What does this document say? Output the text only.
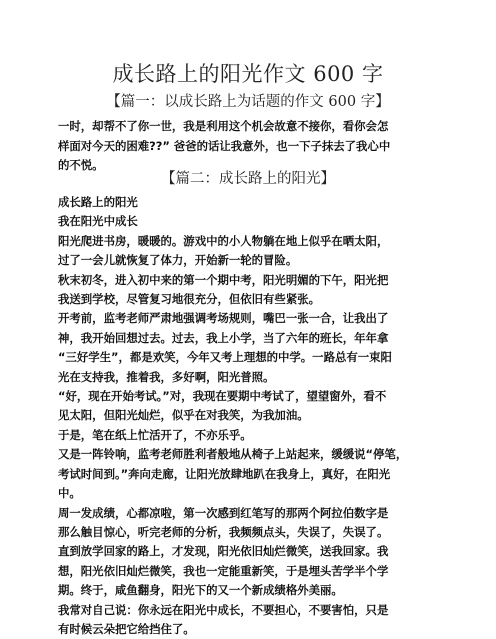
成长路上的阳光作文 600 字
【篇一：以成长路上为话题的作文 600 字】

一时，却帮不了你一世，我是利用这个机会故意不接你，看你会怎
样面对今天的困难??” 爸爸的话让我意外，也一下子抹去了我心中
的不悦。

【篇二：成长路上的阳光】

成长路上的阳光

我在阳光中成长

阳光爬进书房，暖暖的。游戏中的小人物躺在地上似乎在晒太阳，
过了一会儿就恢复了体力，开始新一轮的冒险。

秋末初冬，进入初中来的第一个期中考，阳光明媚的下午，阳光把
我送到学校，尽管复习地很充分，但依旧有些紧张。

开考前，监考老师严肃地强调考场规则，嘴巴一张一合，让我出了
神，我开始回想过去。过去，我上小学，当了六年的班长，年年拿
“三好学生”，都是欢笑，今年又考上理想的中学。一路总有一束阳
光在支持我，推着我，多好啊，阳光普照。

“好，现在开始考试。”对，我现在要期中考试了，望望窗外，看不
见太阳，但阳光灿烂，似乎在对我笑，为我加油。

于是，笔在纸上忙活开了，不亦乐乎。

又是一阵铃响，监考老师胜利者般地从椅子上站起来，缓缓说“停笔，
考试时间到。”奔向走廊，让阳光放肆地趴在我身上，真好，在阳光
中。

周一发成绩，心都凉啦，第一次感到红笔写的那两个阿拉伯数字是
那么触目惊心，听完老师的分析，我频频点头，失误了，失误了。
直到放学回家的路上，才发现，阳光依旧灿烂微笑，送我回家。我
想，阳光依旧灿烂微笑，我也一定能重新笑，于是埋头苦学半个学
期。终于，咸鱼翻身，阳光下的又一个新成绩格外美丽。

我常对自己说：你永远在阳光中成长，不要担心，不要害怕，只是
有时候云朵把它给挡住了。
